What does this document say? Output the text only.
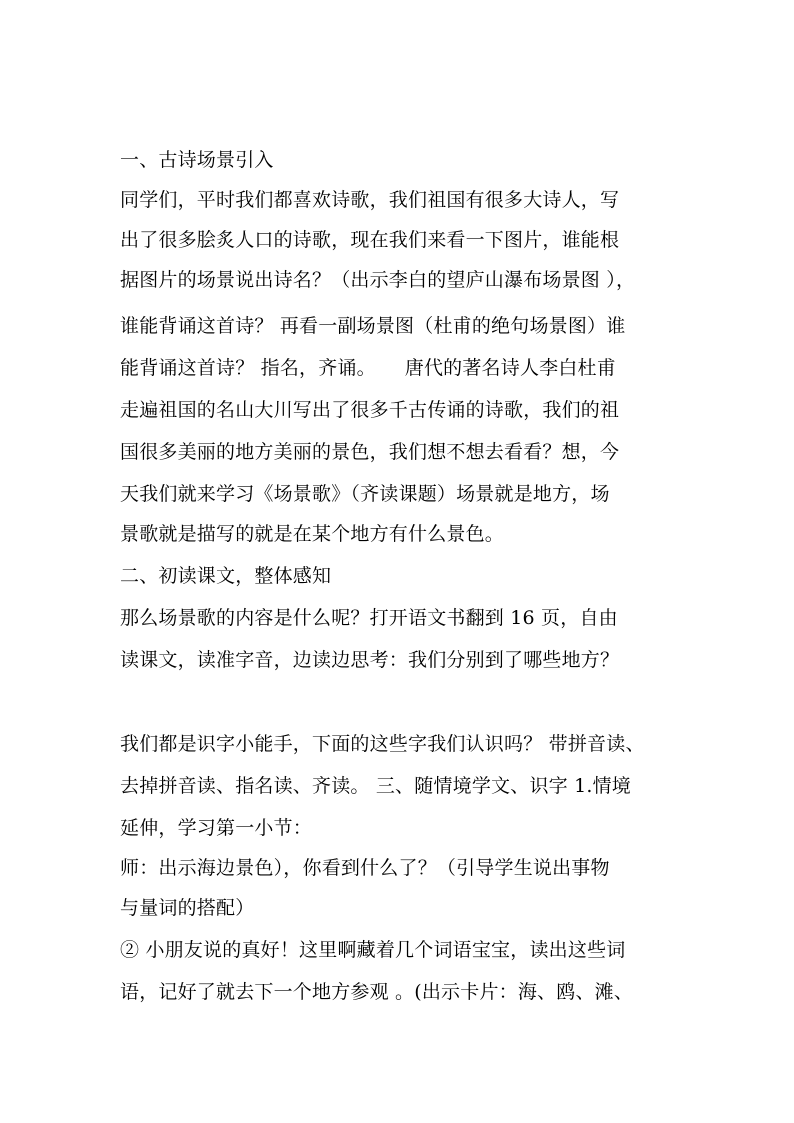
一、古诗场景引入
同学们，平时我们都喜欢诗歌，我们祖国有很多大诗人，写
出了很多脍炙人口的诗歌，现在我们来看一下图片，谁能根
据图片的场景说出诗名？（出示李白的望庐山瀑布场景图 ），
谁能背诵这首诗？ 再看一副场景图（杜甫的绝句场景图）谁
能背诵这首诗？ 指名，齐诵。　　唐代的著名诗人李白杜甫
走遍祖国的名山大川写出了很多千古传诵的诗歌，我们的祖
国很多美丽的地方美丽的景色，我们想不想去看看？想，今
天我们就来学习《场景歌》（齐读课题）场景就是地方，场
景歌就是描写的就是在某个地方有什么景色。
二、初读课文，整体感知
那么场景歌的内容是什么呢？打开语文书翻到 16 页，自由
读课文，读准字音，边读边思考：我们分别到了哪些地方？
我们都是识字小能手，下面的这些字我们认识吗？ 带拼音读、
去掉拼音读、指名读、齐读。 三、随情境学文、识字 1.情境
延伸，学习第一小节：
师：出示海边景色），你看到什么了？（引导学生说出事物
与量词的搭配）
② 小朋友说的真好！这里啊藏着几个词语宝宝，读出这些词
语，记好了就去下一个地方参观 。(出示卡片：海、鸥、滩、
